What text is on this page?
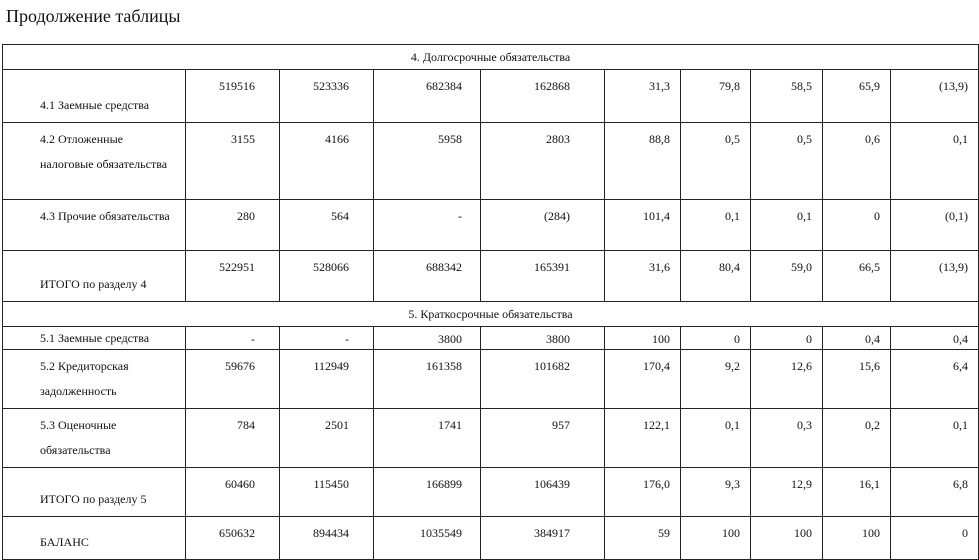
Продолжение таблицы
4. Долгосрочные обязательства									
4.1 Заемные средства	519516	523336	682384	162868	31,3	79,8	58,5	65,9	(13,9)
4.2 Отложенные налоговые обязательства	3155	4166	5958	2803	88,8	0,5	0,5	0,6	0,1
4.3 Прочие обязательства	280	564	-	(284)	101,4	0,1	0,1	0	(0,1)
ИТОГО по разделу 4	522951	528066	688342	165391	31,6	80,4	59,0	66,5	(13,9)
5. Краткосрочные обязательства									
5.1 Заемные средства	-	-	3800	3800	100	0	0	0,4	0,4
5.2 Кредиторская задолженность	59676	112949	161358	101682	170,4	9,2	12,6	15,6	6,4
5.3 Оценочные обязательства	784	2501	1741	957	122,1	0,1	0,3	0,2	0,1
ИТОГО по разделу 5	60460	115450	166899	106439	176,0	9,3	12,9	16,1	6,8
БАЛАНС	650632	894434	1035549	384917	59	100	100	100	0
